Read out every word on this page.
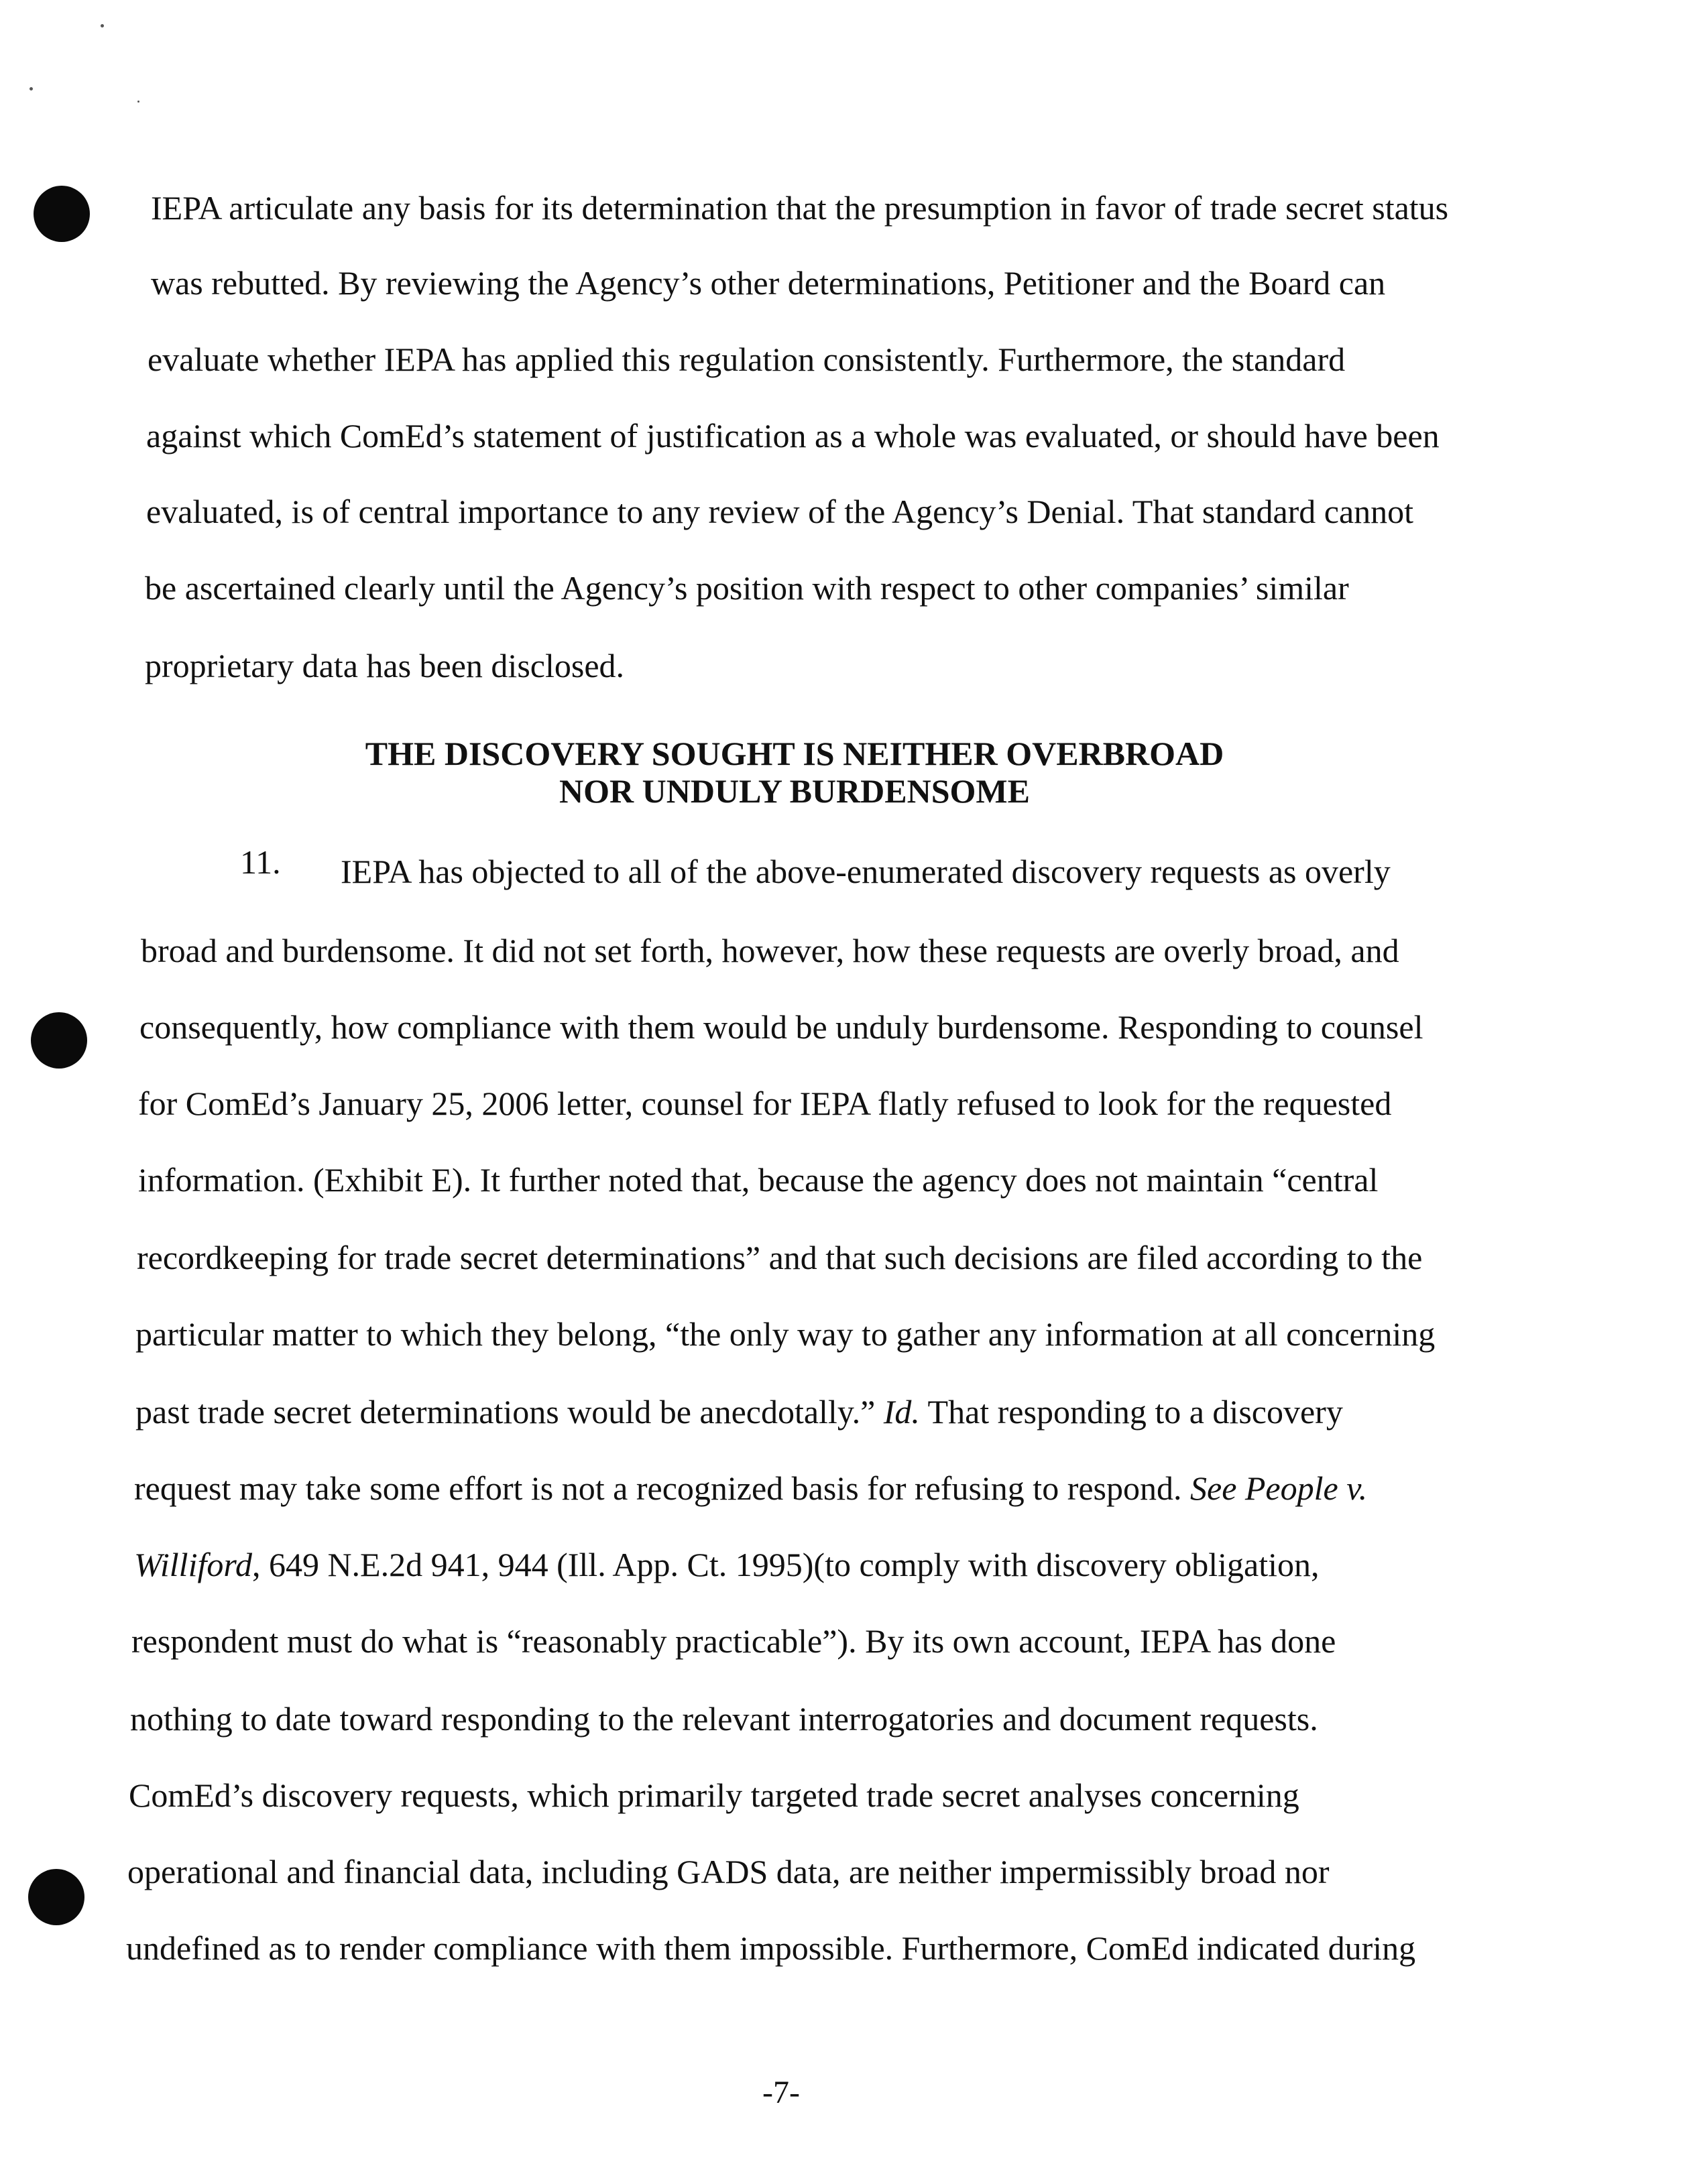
IEPA articulate any basis for its determination that the presumption in favor of trade secret status
was rebutted. By reviewing the Agency’s other determinations, Petitioner and the Board can
evaluate whether IEPA has applied this regulation consistently. Furthermore, the standard
against which ComEd’s statement of justification as a whole was evaluated, or should have been
evaluated, is of central importance to any review of the Agency’s Denial. That standard cannot
be ascertained clearly until the Agency’s position with respect to other companies’ similar
proprietary data has been disclosed.
THE DISCOVERY SOUGHT IS NEITHER OVERBROAD
NOR UNDULY BURDENSOME
11. IEPA has objected to all of the above-enumerated discovery requests as overly
broad and burdensome. It did not set forth, however, how these requests are overly broad, and
consequently, how compliance with them would be unduly burdensome. Responding to counsel
for ComEd’s January 25, 2006 letter, counsel for IEPA flatly refused to look for the requested
information. (Exhibit E). It further noted that, because the agency does not maintain “central
recordkeeping for trade secret determinations” and that such decisions are filed according to the
particular matter to which they belong, “the only way to gather any information at all concerning
past trade secret determinations would be anecdotally.” Id. That responding to a discovery
request may take some effort is not a recognized basis for refusing to respond. See People v.
Williford, 649 N.E.2d 941, 944 (Ill. App. Ct. 1995)(to comply with discovery obligation,
respondent must do what is “reasonably practicable”). By its own account, IEPA has done
nothing to date toward responding to the relevant interrogatories and document requests.
ComEd’s discovery requests, which primarily targeted trade secret analyses concerning
operational and financial data, including GADS data, are neither impermissibly broad nor
undefined as to render compliance with them impossible. Furthermore, ComEd indicated during
-7-
